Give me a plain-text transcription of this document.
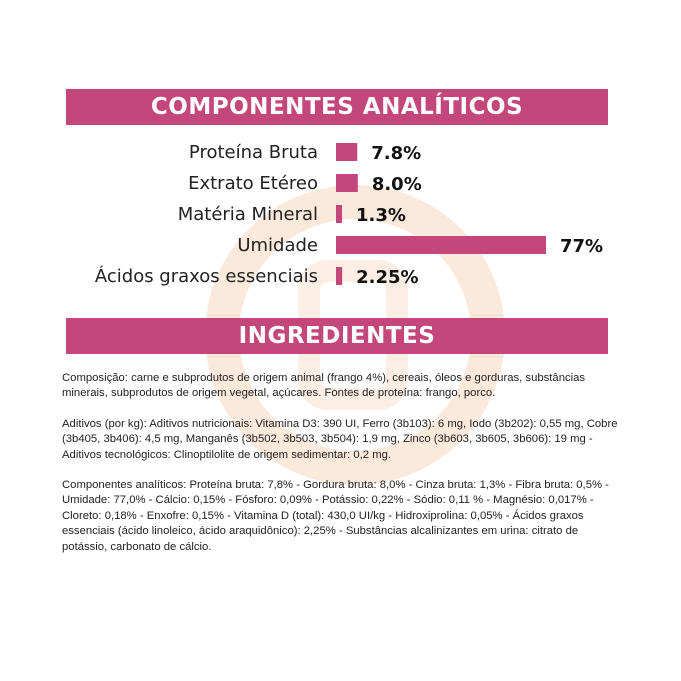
COMPONENTES ANALÍTICOS
Proteína Bruta	7.8%
Extrato Etéreo	8.0%
Matéria Mineral 1.3%
Umidade	77%
Ácidos graxos essenciais 2.25%
INGREDIENTES

Composição: carne e subprodutos de origem animal (frango 4%), cereais, óleos e gorduras, substâncias minerais, subprodutos de origem vegetal, açúcares. Fontes de proteína: frango, porco.

Aditivos (por kg): Aditivos nutricionais: Vitamina D3: 390 UI, Ferro (3b103): 6 mg, Iodo (3b202): 0,55 mg, Cobre (3b405, 3b406): 4,5 mg, Manganês (3b502, 3b503, 3b504): 1,9 mg, Zinco (3b603, 3b605, 3b606): 19 mg - Aditivos tecnológicos: Clinoptilolite de origem sedimentar: 0,2 mg.

Componentes analíticos: Proteína bruta: 7,8% - Gordura bruta: 8,0% - Cinza bruta: 1,3% - Fibra bruta: 0,5% - Umidade: 77,0% - Cálcio: 0,15% - Fósforo: 0,09% - Potássio: 0,22% - Sódio: 0,11 % - Magnésio: 0,017% - Cloreto: 0,18% - Enxofre: 0,15% - Vitamina D (total): 430,0 UI/kg - Hidroxiprolina: 0,05% - Ácidos graxos essenciais (ácido linoleico, ácido araquidônico): 2,25% - Substâncias alcalinizantes em urina: citrato de potássio, carbonato de cálcio.
